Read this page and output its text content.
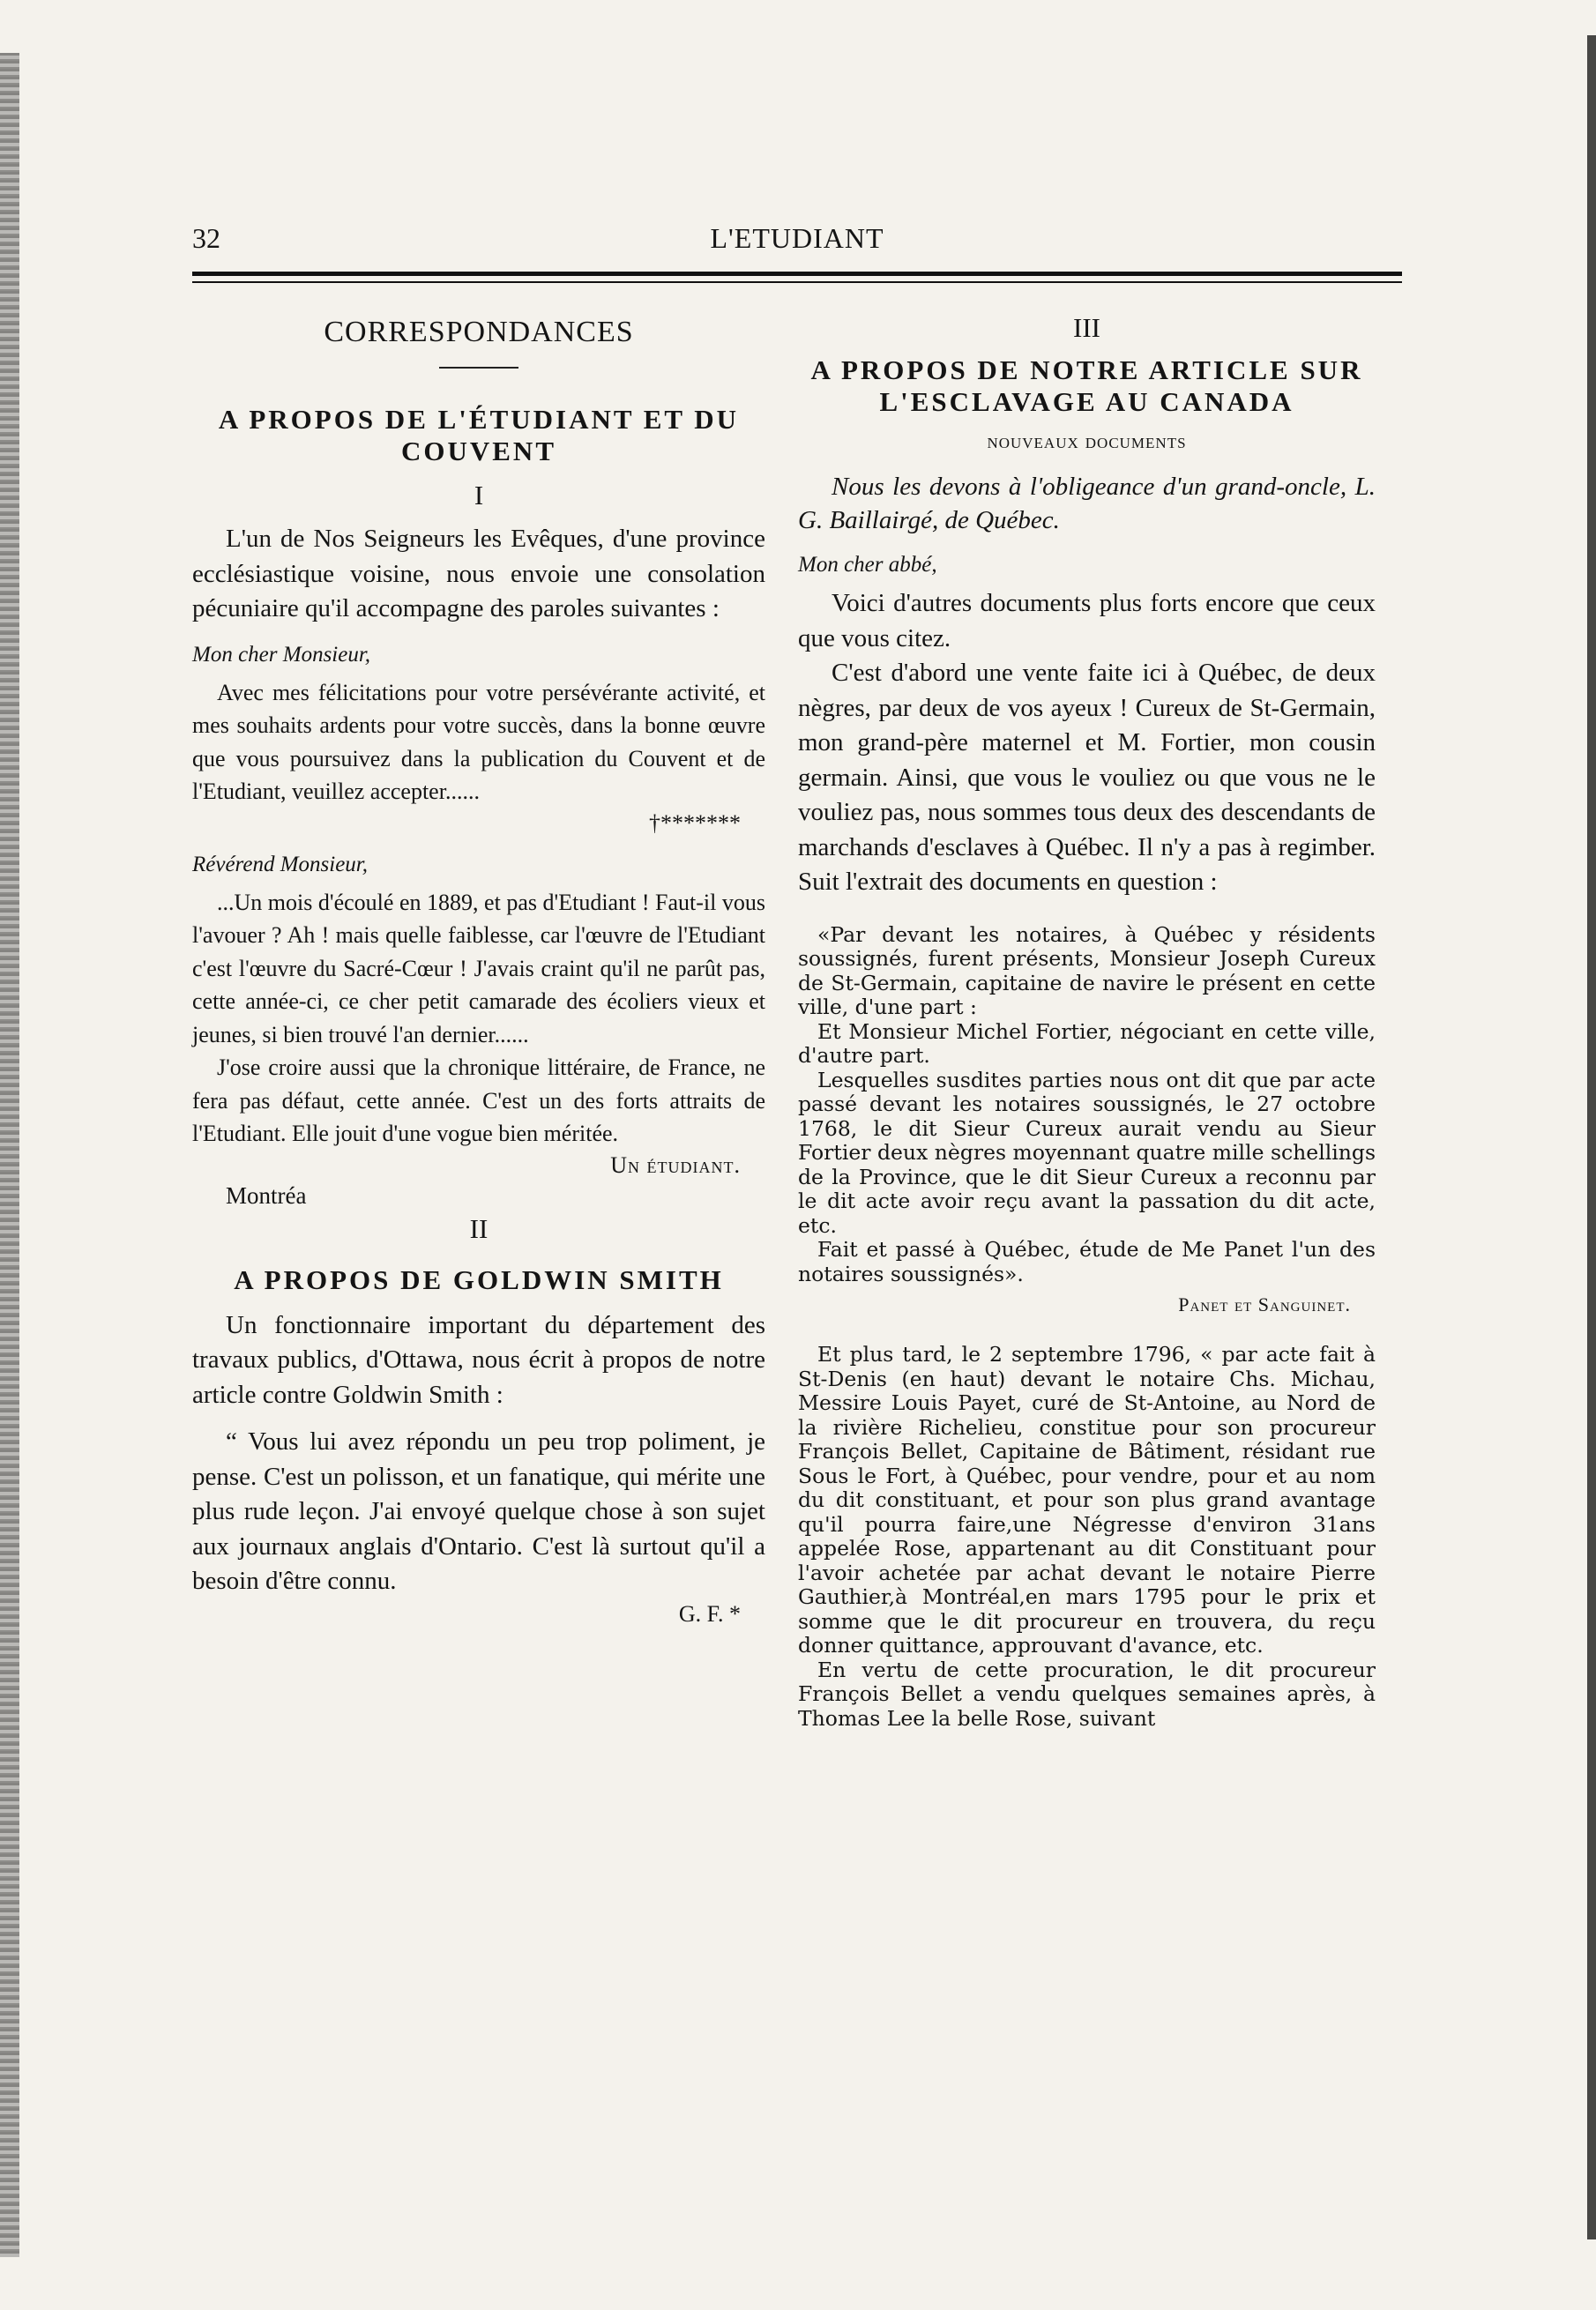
32	L'ETUDIANT
CORRESPONDANCES
A PROPOS DE L'ÉTUDIANT ET DU COUVENT
I

L'un de Nos Seigneurs les Evêques, d'une province ecclésiastique voisine, nous envoie une consolation pécuniaire qu'il accompagne des paroles suivantes :

Mon cher Monsieur,

Avec mes félicitations pour votre persévérante activité, et mes souhaits ardents pour votre succès, dans la bonne œuvre que vous poursuivez dans la publication du Couvent et de l'Etudiant, veuillez accepter......

†*******
Révérend Monsieur,

...Un mois d'écoulé en 1889, et pas d'Etudiant ! Faut-il vous l'avouer ? Ah ! mais quelle faiblesse, car l'œuvre de l'Etudiant c'est l'œuvre du Sacré-Cœur ! J'avais craint qu'il ne parût pas, cette année-ci, ce cher petit camarade des écoliers vieux et jeunes, si bien trouvé l'an dernier......

J'ose croire aussi que la chronique littéraire, de France, ne fera pas défaut, cette année. C'est un des forts attraits de l'Etudiant. Elle jouit d'une vogue bien méritée.

Un étudiant.
Montréa
II
A PROPOS DE GOLDWIN SMITH

Un fonctionnaire important du département des travaux publics, d'Ottawa, nous écrit à propos de notre article contre Goldwin Smith :

“ Vous lui avez répondu un peu trop poliment, je pense. C'est un polisson, et un fanatique, qui mérite une plus rude leçon. J'ai envoyé quelque chose à son sujet aux journaux anglais d'Ontario. C'est là surtout qu'il a besoin d'être connu.

G. F. *
III
A PROPOS DE NOTRE ARTICLE SUR L'ESCLAVAGE AU CANADA
nouveaux documents

Nous les devons à l'obligeance d'un grand-oncle, L. G. Baillairgé, de Québec.

Mon cher abbé,

Voici d'autres documents plus forts encore que ceux que vous citez.

C'est d'abord une vente faite ici à Québec, de deux nègres, par deux de vos ayeux ! Cureux de St-Germain, mon grand-père maternel et M. Fortier, mon cousin germain. Ainsi, que vous le vouliez ou que vous ne le vouliez pas, nous sommes tous deux des descendants de marchands d'esclaves à Québec. Il n'y a pas à regimber. Suit l'extrait des documents en question :

«Par devant les notaires, à Québec y résidents soussignés, furent présents, Monsieur Joseph Cureux de St-Germain, capitaine de navire le présent en cette ville, d'une part :

Et Monsieur Michel Fortier, négociant en cette ville, d'autre part.

Lesquelles susdites parties nous ont dit que par acte passé devant les notaires soussignés, le 27 octobre 1768, le dit Sieur Cureux aurait vendu au Sieur Fortier deux nègres moyennant quatre mille schellings de la Province, que le dit Sieur Cureux a reconnu par le dit acte avoir reçu avant la passation du dit acte, etc.

Fait et passé à Québec, étude de Me Panet l'un des notaires soussignés».

Panet et Sanguinet.

Et plus tard, le 2 septembre 1796, « par acte fait à St-Denis (en haut) devant le notaire Chs. Michau, Messire Louis Payet, curé de St-Antoine, au Nord de la rivière Richelieu, constitue pour son procureur François Bellet, Capitaine de Bâtiment, résidant rue Sous le Fort, à Québec, pour vendre, pour et au nom du dit constituant, et pour son plus grand avantage qu'il pourra faire,une Négresse d'environ 31ans appelée Rose, appartenant au dit Constituant pour l'avoir achetée par achat devant le notaire Pierre Gauthier,à Montréal,en mars 1795 pour le prix et somme que le dit procureur en trouvera, du reçu donner quittance, approuvant d'avance, etc.

En vertu de cette procuration, le dit procureur François Bellet a vendu quelques semaines après, à Thomas Lee la belle Rose, suivant
